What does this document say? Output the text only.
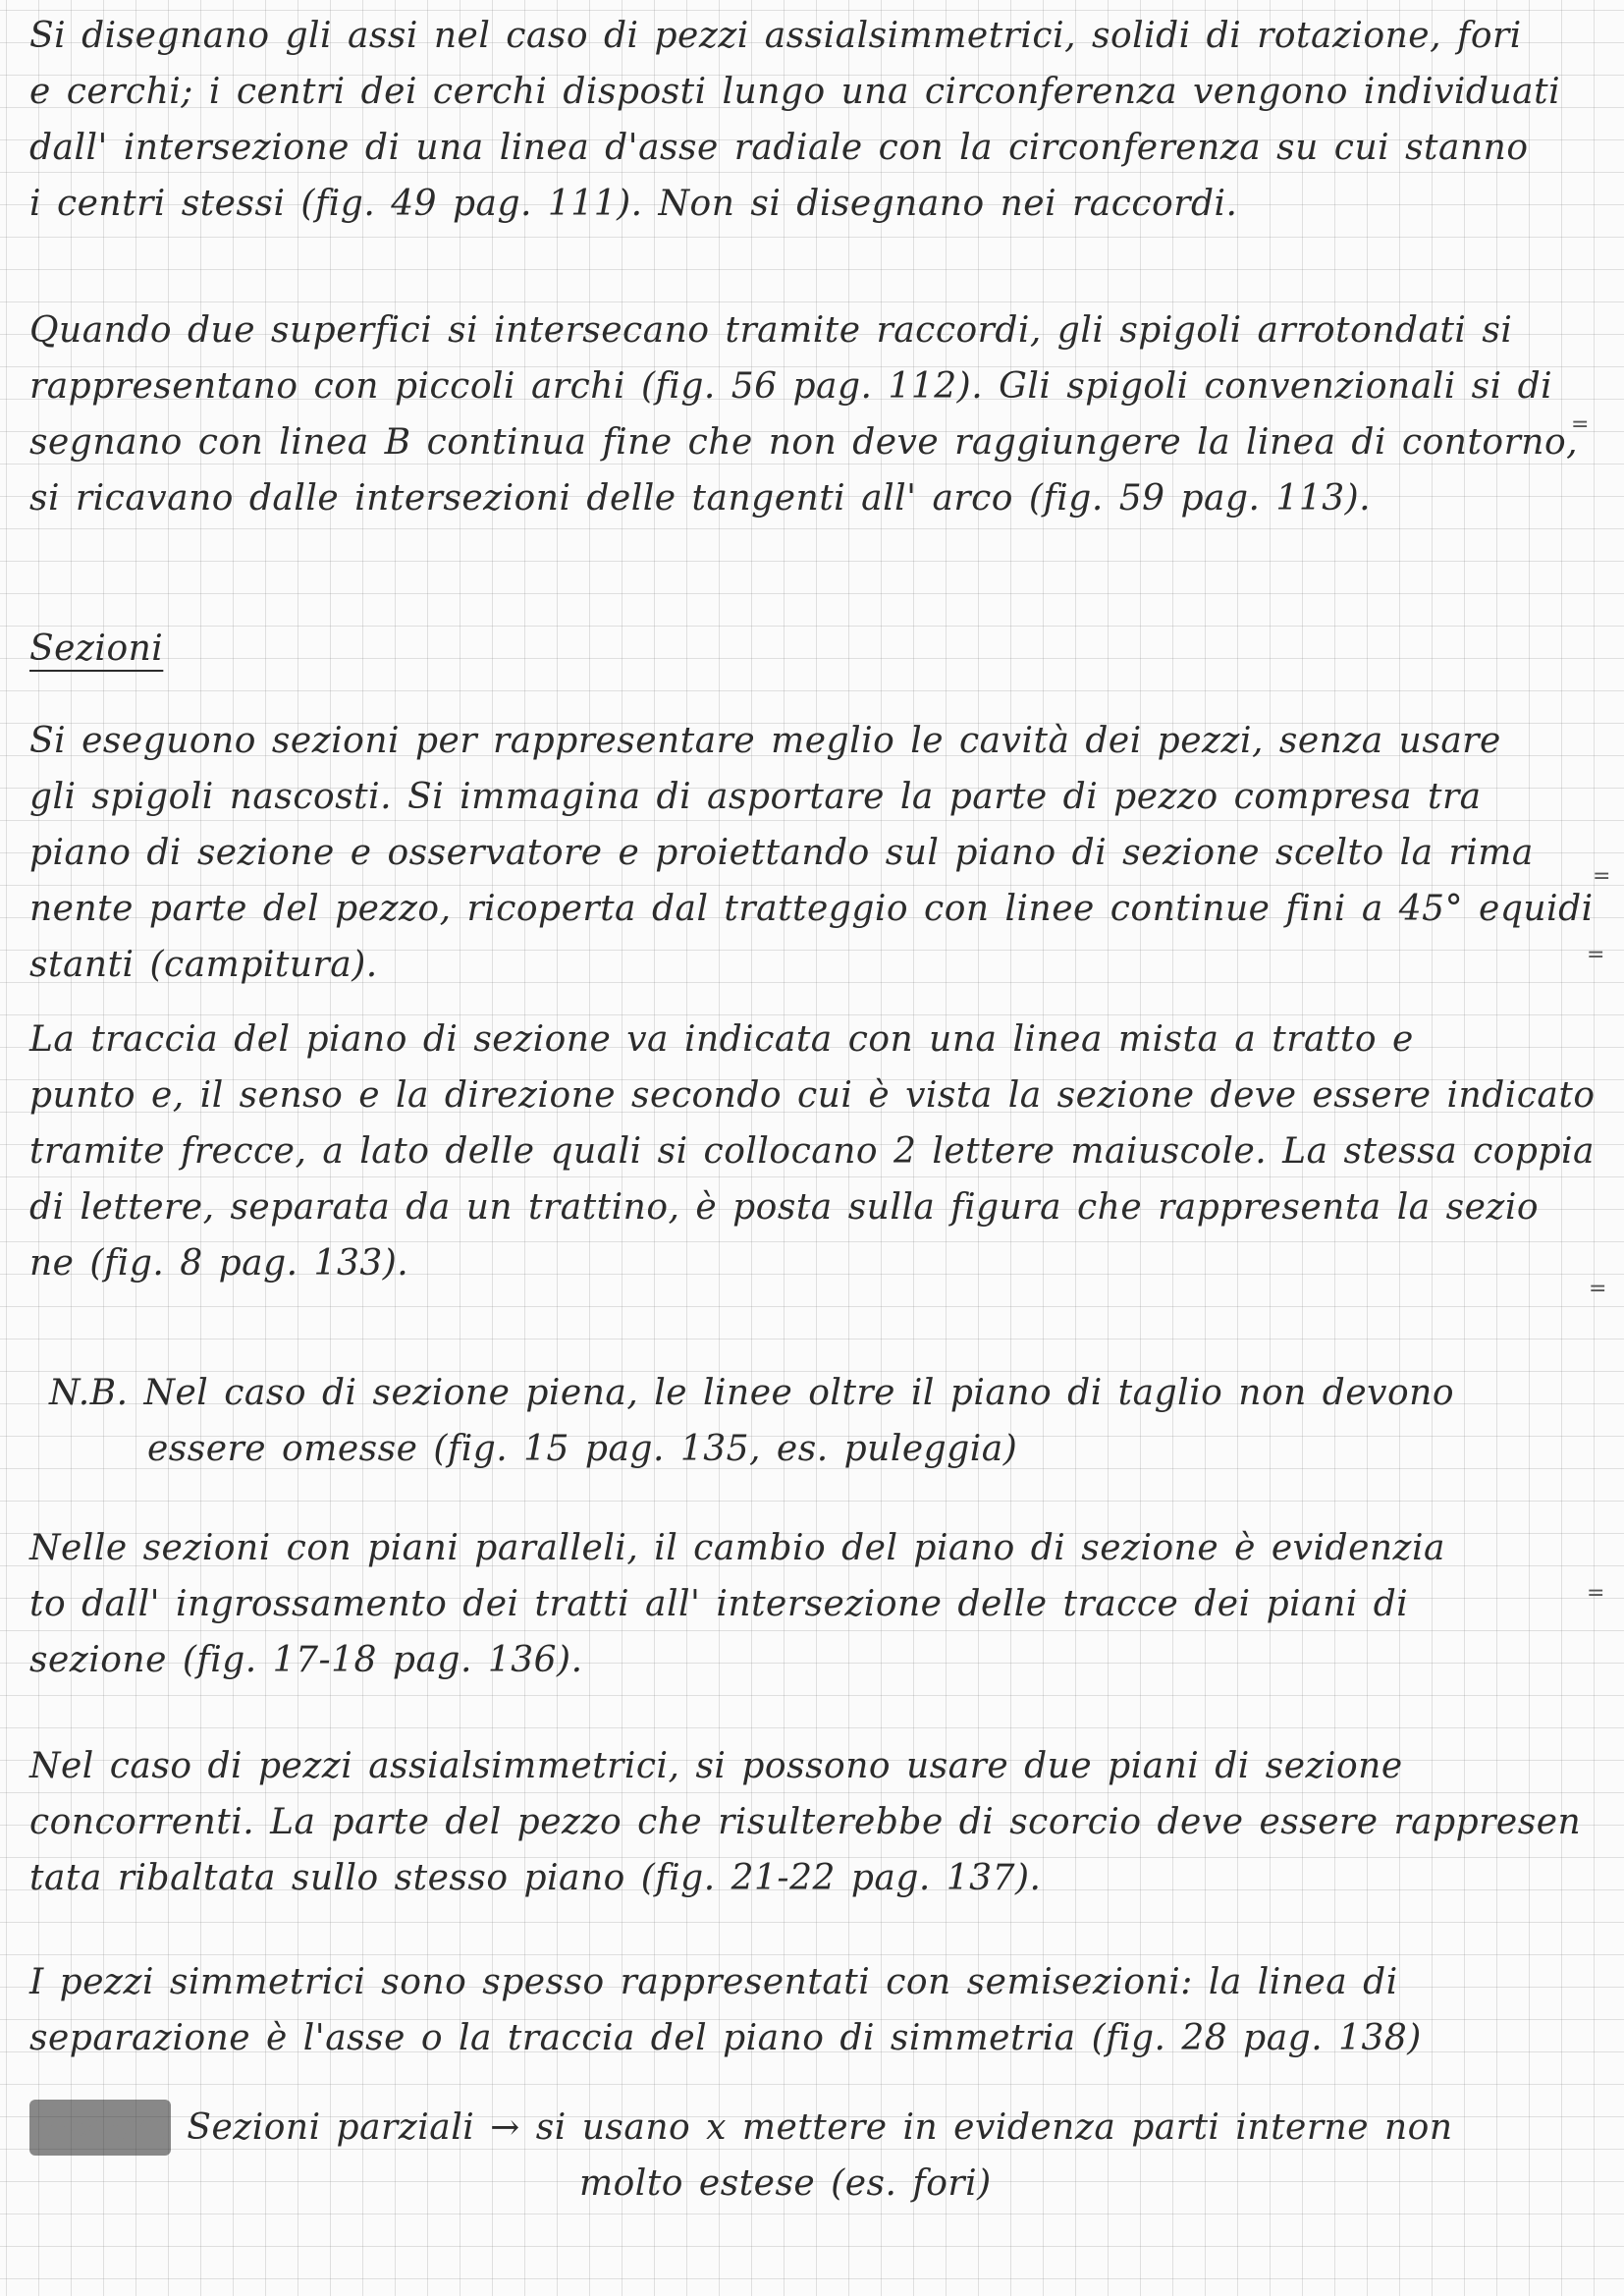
Si disegnano gli assi nel caso di pezzi assialsimmetrici, solidi di rotazione, fori
e cerchi; i centri dei cerchi disposti lungo una circonferenza vengono individuati
dall' intersezione di una linea d'asse radiale con la circonferenza su cui stanno
i centri stessi (fig. 49 pag. 111). Non si disegnano nei raccordi.
Quando due superfici si intersecano tramite raccordi, gli spigoli arrotondati si
rappresentano con piccoli archi (fig. 56 pag. 112). Gli spigoli convenzionali si di
segnano con linea B continua fine che non deve raggiungere la linea di contorno,
si ricavano dalle intersezioni delle tangenti all' arco (fig. 59 pag. 113).
Sezioni
Si eseguono sezioni per rappresentare meglio le cavità dei pezzi, senza usare
gli spigoli nascosti. Si immagina di asportare la parte di pezzo compresa tra
piano di sezione e osservatore e proiettando sul piano di sezione scelto la rima
nente parte del pezzo, ricoperta dal tratteggio con linee continue fini a 45° equidi
stanti (campitura).
La traccia del piano di sezione va indicata con una linea mista a tratto e
punto e, il senso e la direzione secondo cui è vista la sezione deve essere indicato
tramite frecce, a lato delle quali si collocano 2 lettere maiuscole. La stessa coppia
di lettere, separata da un trattino, è posta sulla figura che rappresenta la sezio
ne (fig. 8 pag. 133).
N.B. Nel caso di sezione piena, le linee oltre il piano di taglio non devono
essere omesse (fig. 15 pag. 135, es. puleggia)
Nelle sezioni con piani paralleli, il cambio del piano di sezione è evidenzia
to dall' ingrossamento dei tratti all' intersezione delle tracce dei piani di
sezione (fig. 17-18 pag. 136).
Nel caso di pezzi assialsimmetrici, si possono usare due piani di sezione
concorrenti. La parte del pezzo che risulterebbe di scorcio deve essere rappresen
tata ribaltata sullo stesso piano (fig. 21-22 pag. 137).
I pezzi simmetrici sono spesso rappresentati con semisezioni: la linea di
separazione è l'asse o la traccia del piano di simmetria (fig. 28 pag. 138)
Sezioni Sezioni parziali → si usano x mettere in evidenza parti interne non
molto estese (es. fori)
=
=
=
=
=
